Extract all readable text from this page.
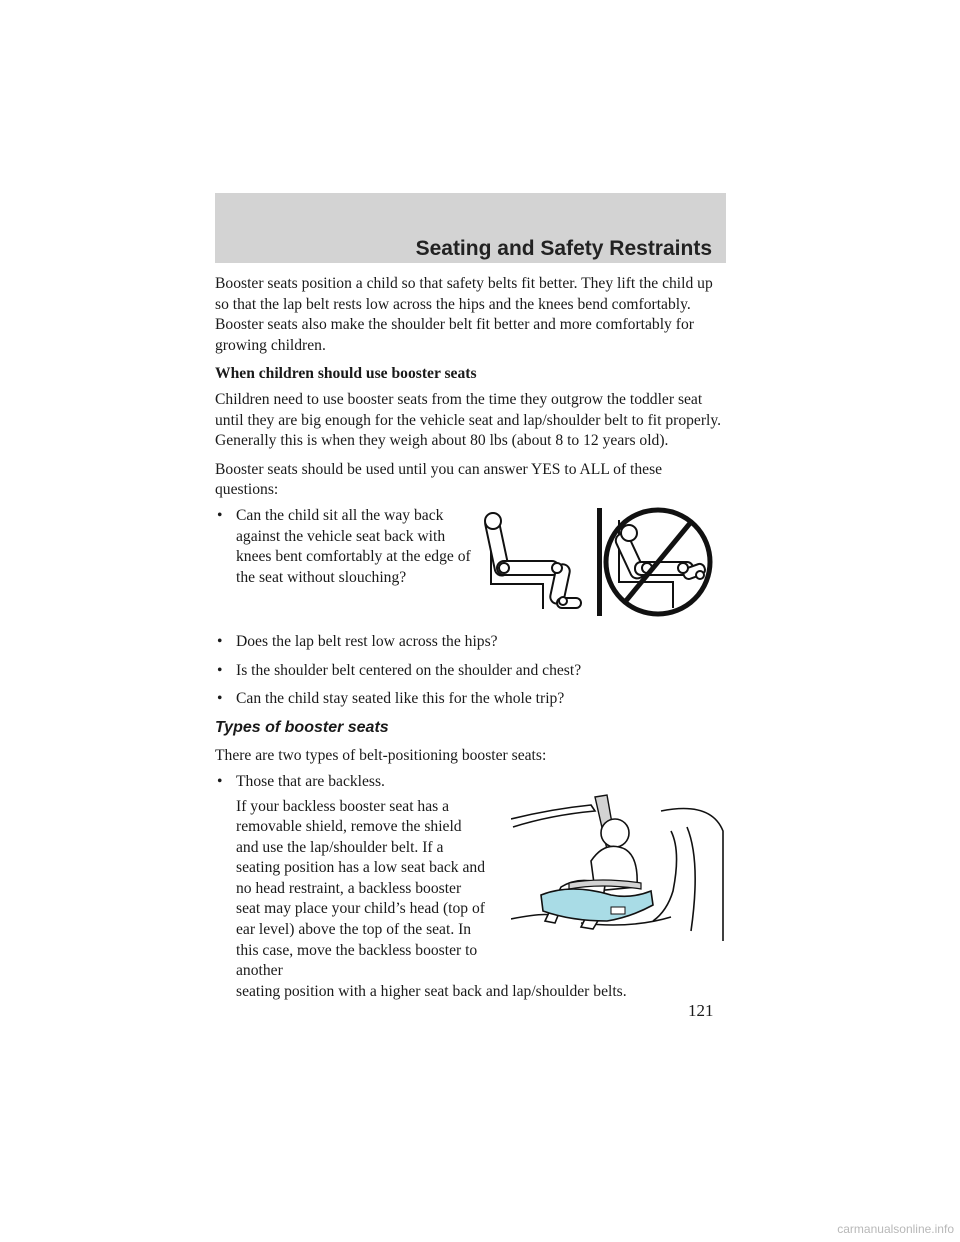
Seating and Safety Restraints

Booster seats position a child so that safety belts fit better. They lift the child up so that the lap belt rests low across the hips and the knees bend comfortably. Booster seats also make the shoulder belt fit better and more comfortably for growing children.

When children should use booster seats

Children need to use booster seats from the time they outgrow the toddler seat until they are big enough for the vehicle seat and lap/shoulder belt to fit properly. Generally this is when they weigh about 80 lbs (about 8 to 12 years old).

Booster seats should be used until you can answer YES to ALL of these questions:

• Can the child sit all the way back against the vehicle seat back with knees bent comfortably at the edge of the seat without slouching?
• Does the lap belt rest low across the hips?
• Is the shoulder belt centered on the shoulder and chest?
• Can the child stay seated like this for the whole trip?
Types of booster seats

There are two types of belt-positioning booster seats:

• Those that are backless.
If your backless booster seat has a removable shield, remove the shield and use the lap/shoulder belt. If a seating position has a low seat back and no head restraint, a backless booster seat may place your child’s head (top of ear level) above the top of the seat. In this case, move the backless booster to another
seating position with a higher seat back and lap/shoulder belts.
121
carmanualsonline.info
